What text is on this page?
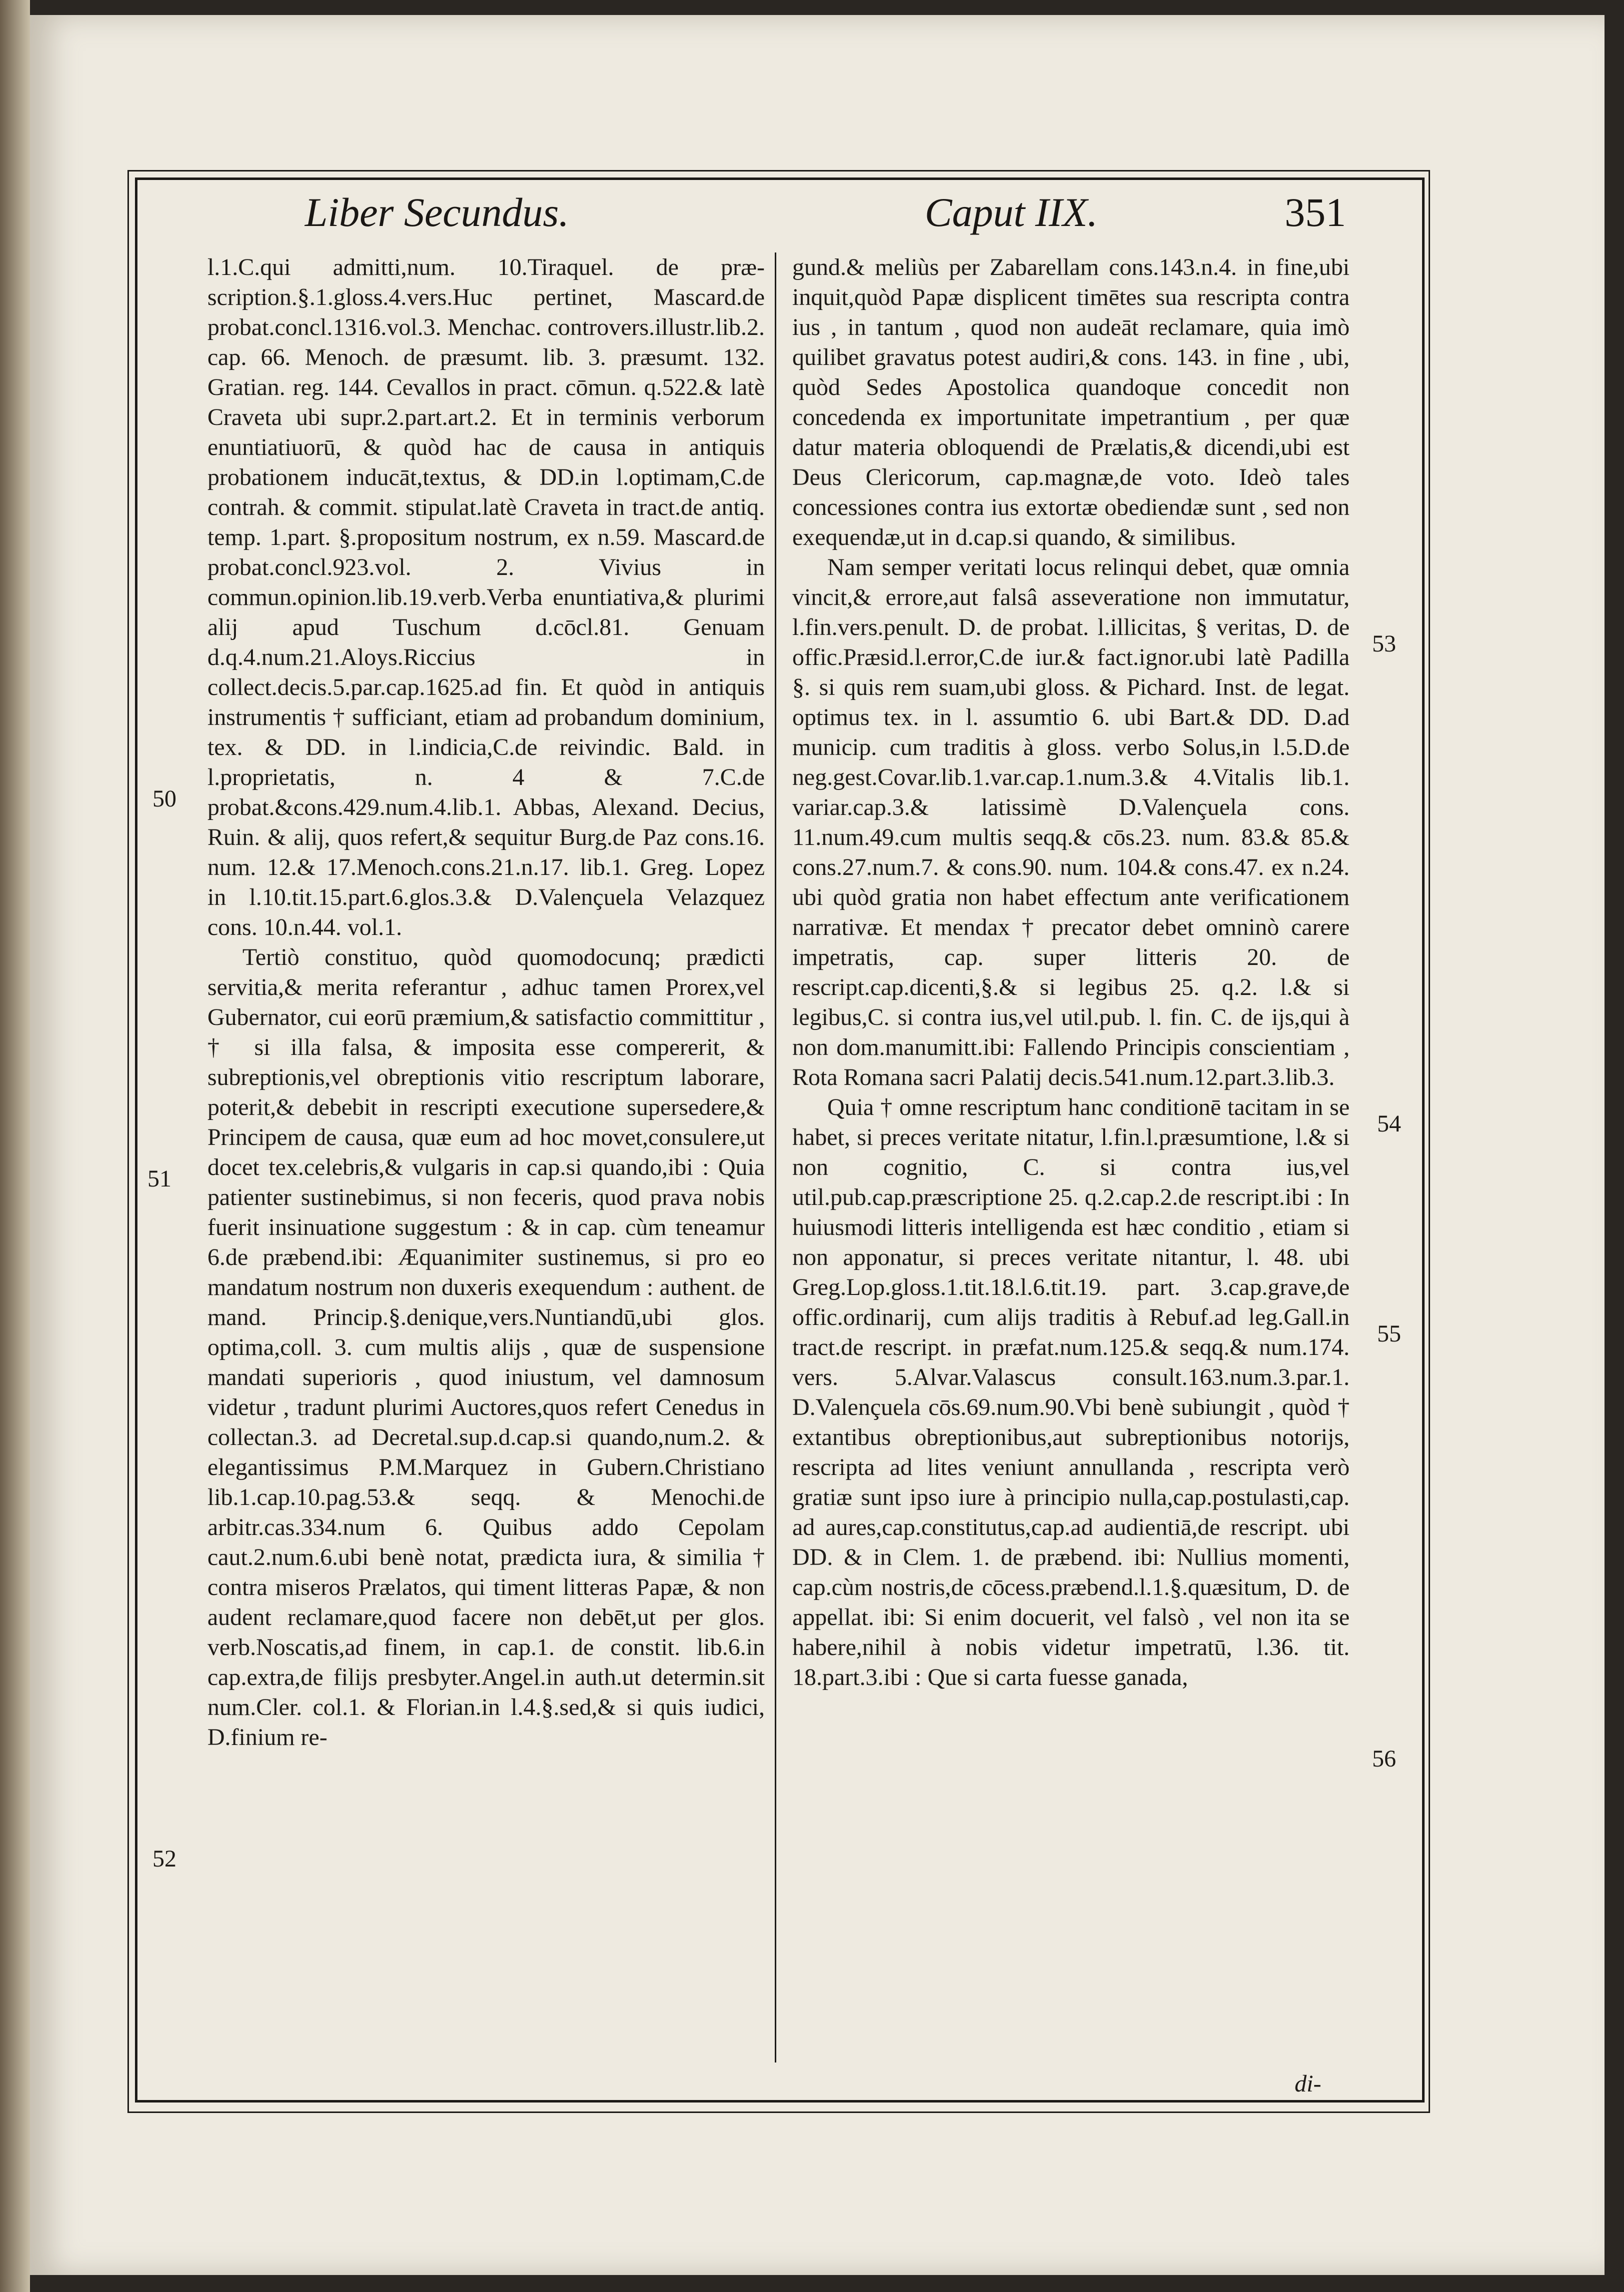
Liber Secundus.	Caput IIX.	351

l.1.C.qui admitti,num. 10.Tiraquel. de præ-scription.§.1.gloss.4.vers.Huc pertinet, Mascard.de probat.concl.1316.vol.3. Menchac. controvers.illustr.lib.2. cap. 66. Menoch. de præsumt. lib. 3. præsumt. 132. Gratian. reg. 144. Cevallos in pract. cōmun. q.522.& latè Craveta ubi supr.2.part.art.2. Et in terminis verborum enuntiatiuorū, & quòd hac de causa in antiquis probationem inducāt,textus, & DD.in l.optimam,C.de contrah. & commit. stipulat.latè Craveta in tract.de antiq. temp. 1.part. §.propositum nostrum, ex n.59. Mascard.de probat.concl.923.vol. 2. Vivius in commun.opinion.lib.19.verb.Verba enuntiativa,& plurimi alij apud Tuschum d.cōcl.81. Genuam d.q.4.num.21.Aloys.Riccius in collect.decis.5.par.cap.1625.ad fin. Et quòd in antiquis instrumentis † sufficiant, etiam ad probandum dominium, tex. & DD. in l.indicia,C.de reivindic. Bald. in l.proprietatis, n. 4 & 7.C.de probat.&cons.429.num.4.lib.1. Abbas, Alexand. Decius, Ruin. & alij, quos refert,& sequitur Burg.de Paz cons.16. num. 12.& 17.Menoch.cons.21.n.17. lib.1. Greg. Lopez in l.10.tit.15.part.6.glos.3.& D.Valençuela Velazquez cons. 10.n.44. vol.1.

Tertiò constituo, quòd quomodocunq; prædicti servitia,& merita referantur , adhuc tamen Prorex,vel Gubernator, cui eorū præmium,& satisfactio committitur , † si illa falsa, & imposita esse compererit, & subreptionis,vel obreptionis vitio rescriptum laborare, poterit,& debebit in rescripti executione supersedere,& Principem de causa, quæ eum ad hoc movet,consulere,ut docet tex.celebris,& vulgaris in cap.si quando,ibi : Quia patienter sustinebimus, si non feceris, quod prava nobis fuerit insinuatione suggestum : & in cap. cùm teneamur 6.de præbend.ibi: Æquanimiter sustinemus, si pro eo mandatum nostrum non duxeris exequendum : authent. de mand. Princip.§.denique,vers.Nuntiandū,ubi glos. optima,coll. 3. cum multis alijs , quæ de suspensione mandati superioris , quod iniustum, vel damnosum videtur , tradunt plurimi Auctores,quos refert Cenedus in collectan.3. ad Decretal.sup.d.cap.si quando,num.2. & elegantissimus P.M.Marquez in Gubern.Christiano lib.1.cap.10.pag.53.& seqq. & Menochi.de arbitr.cas.334.num 6. Quibus addo Cepolam caut.2.num.6.ubi benè notat, prædicta iura, & similia † contra miseros Prælatos, qui timent litteras Papæ, & non audent reclamare,quod facere non debēt,ut per glos. verb.Noscatis,ad finem, in cap.1. de constit. lib.6.in cap.extra,de filijs presbyter.Angel.in auth.ut determin.sit num.Cler. col.1. & Florian.in l.4.§.sed,& si quis iudici, D.finium re-

gund.& meliùs per Zabarellam cons.143.n.4. in fine,ubi inquit,quòd Papæ displicent timētes sua rescripta contra ius , in tantum , quod non audeāt reclamare, quia imò quilibet gravatus potest audiri,& cons. 143. in fine , ubi, quòd Sedes Apostolica quandoque concedit non concedenda ex importunitate impetrantium , per quæ datur materia obloquendi de Prælatis,& dicendi,ubi est Deus Clericorum, cap.magnæ,de voto. Ideò tales concessiones contra ius extortæ obediendæ sunt , sed non exequendæ,ut in d.cap.si quando, & similibus.

Nam semper veritati locus relinqui debet, quæ omnia vincit,& errore,aut falsâ asseveratione non immutatur, l.fin.vers.penult. D. de probat. l.illicitas, § veritas, D. de offic.Præsid.l.error,C.de iur.& fact.ignor.ubi latè Padilla §. si quis rem suam,ubi gloss. & Pichard. Inst. de legat. optimus tex. in l. assumtio 6. ubi Bart.& DD. D.ad municip. cum traditis à gloss. verbo Solus,in l.5.D.de neg.gest.Covar.lib.1.var.cap.1.num.3.& 4.Vitalis lib.1. variar.cap.3.& latissimè D.Valençuela cons. 11.num.49.cum multis seqq.& cōs.23. num. 83.& 85.& cons.27.num.7. & cons.90. num. 104.& cons.47. ex n.24. ubi quòd gratia non habet effectum ante verificationem narrativæ. Et mendax † precator debet omninò carere impetratis, cap. super litteris 20. de rescript.cap.dicenti,§.& si legibus 25. q.2. l.& si legibus,C. si contra ius,vel util.pub. l. fin. C. de ijs,qui à non dom.manumitt.ibi: Fallendo Principis conscientiam , Rota Romana sacri Palatij decis.541.num.12.part.3.lib.3.

Quia † omne rescriptum hanc conditionē tacitam in se habet, si preces veritate nitatur, l.fin.l.præsumtione, l.& si non cognitio, C. si contra ius,vel util.pub.cap.præscriptione 25. q.2.cap.2.de rescript.ibi : In huiusmodi litteris intelligenda est hæc conditio , etiam si non apponatur, si preces veritate nitantur, l. 48. ubi Greg.Lop.gloss.1.tit.18.l.6.tit.19. part. 3.cap.grave,de offic.ordinarij, cum alijs traditis à Rebuf.ad leg.Gall.in tract.de rescript. in præfat.num.125.& seqq.& num.174. vers. 5.Alvar.Valascus consult.163.num.3.par.1. D.Valençuela cōs.69.num.90.Vbi benè subiungit , quòd † extantibus obreptionibus,aut subreptionibus notorijs, rescripta ad lites veniunt annullanda , rescripta verò gratiæ sunt ipso iure à principio nulla,cap.postulasti,cap. ad aures,cap.constitutus,cap.ad audientiā,de rescript. ubi DD. & in Clem. 1. de præbend. ibi: Nullius momenti, cap.cùm nostris,de cōcess.præbend.l.1.§.quæsitum, D. de appellat. ibi: Si enim docuerit, vel falsò , vel non ita se habere,nihil à nobis videtur impetratū, l.36. tit. 18.part.3.ibi : Que si carta fuesse ganada,

50
51
52
53
54
55
56
di-
